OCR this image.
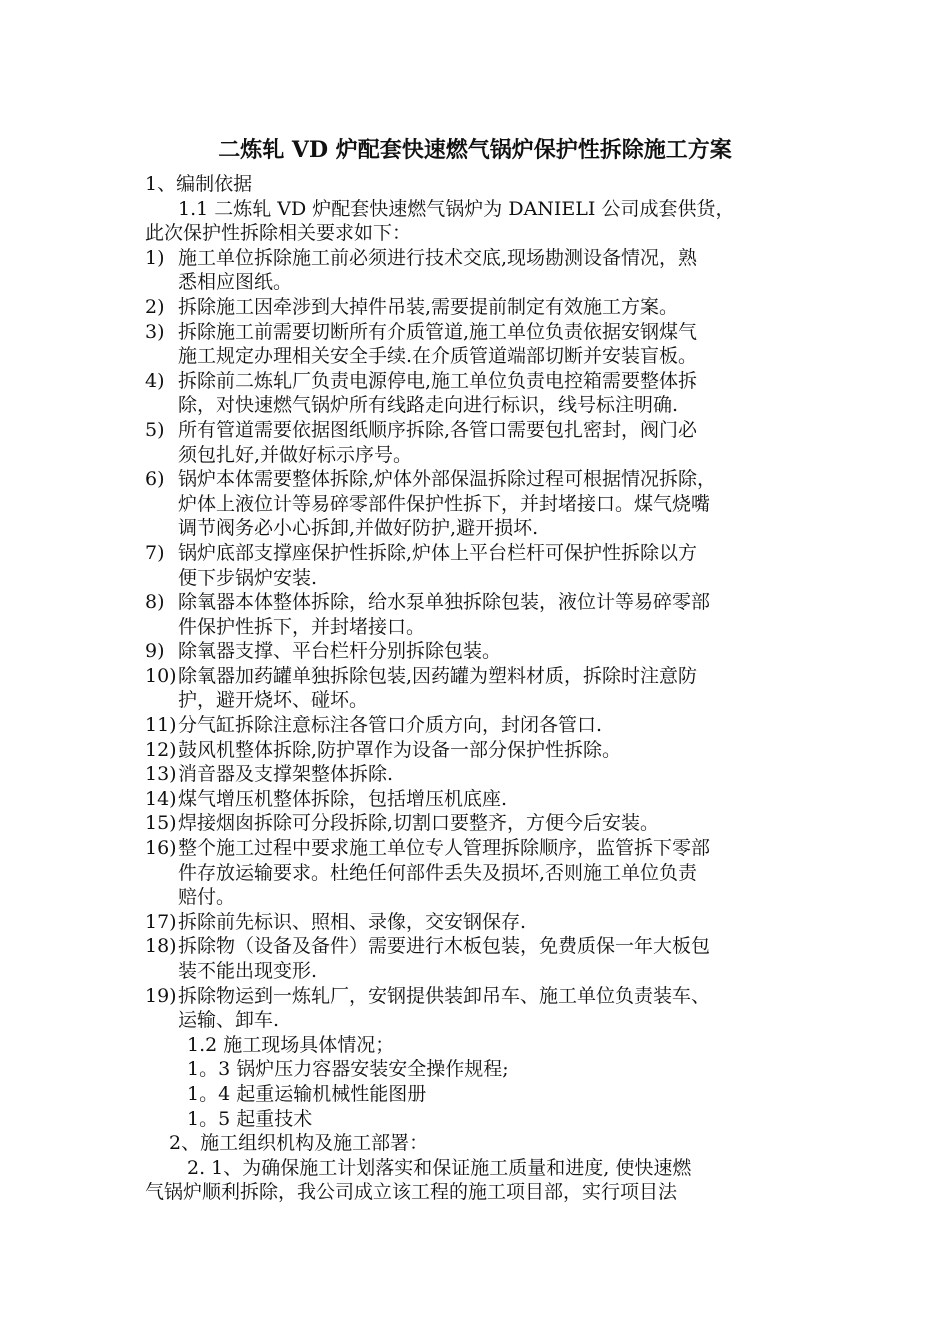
二炼轧 VD 炉配套快速燃气锅炉保护性拆除施工方案
1、编制依据
1.1 二炼轧 VD 炉配套快速燃气锅炉为 DANIELI 公司成套供货，
此次保护性拆除相关要求如下：
1) 施工单位拆除施工前必须进行技术交底,现场勘测设备情况，熟
悉相应图纸。
2) 拆除施工因牵涉到大掉件吊装,需要提前制定有效施工方案。
3) 拆除施工前需要切断所有介质管道,施工单位负责依据安钢煤气
施工规定办理相关安全手续.在介质管道端部切断并安装盲板。
4) 拆除前二炼轧厂负责电源停电,施工单位负责电控箱需要整体拆
除，对快速燃气锅炉所有线路走向进行标识，线号标注明确.
5) 所有管道需要依据图纸顺序拆除,各管口需要包扎密封，阀门必
须包扎好,并做好标示序号。
6) 锅炉本体需要整体拆除,炉体外部保温拆除过程可根据情况拆除，
炉体上液位计等易碎零部件保护性拆下，并封堵接口。煤气烧嘴
调节阀务必小心拆卸,并做好防护,避开损坏.
7) 锅炉底部支撑座保护性拆除,炉体上平台栏杆可保护性拆除以方
便下步锅炉安装.
8) 除氧器本体整体拆除，给水泵单独拆除包装，液位计等易碎零部
件保护性拆下，并封堵接口。
9) 除氧器支撑、平台栏杆分别拆除包装。
10) 除氧器加药罐单独拆除包装,因药罐为塑料材质，拆除时注意防
护，避开烧坏、碰坏。
11) 分气缸拆除注意标注各管口介质方向，封闭各管口.
12) 鼓风机整体拆除,防护罩作为设备一部分保护性拆除。
13) 消音器及支撑架整体拆除.
14) 煤气增压机整体拆除，包括增压机底座.
15) 焊接烟囱拆除可分段拆除,切割口要整齐，方便今后安装。
16) 整个施工过程中要求施工单位专人管理拆除顺序，监管拆下零部
件存放运输要求。杜绝任何部件丢失及损坏,否则施工单位负责
赔付。
17) 拆除前先标识、照相、录像，交安钢保存.
18) 拆除物（设备及备件）需要进行木板包装，免费质保一年大板包
装不能出现变形.
19) 拆除物运到一炼轧厂，安钢提供装卸吊车、施工单位负责装车、
运输、卸车.
1.2 施工现场具体情况；
1。3 锅炉压力容器安装安全操作规程;
1。4 起重运输机械性能图册
1。5 起重技术
2、施工组织机构及施工部署：
2. 1、为确保施工计划落实和保证施工质量和进度, 使快速燃
气锅炉顺利拆除，我公司成立该工程的施工项目部，实行项目法
